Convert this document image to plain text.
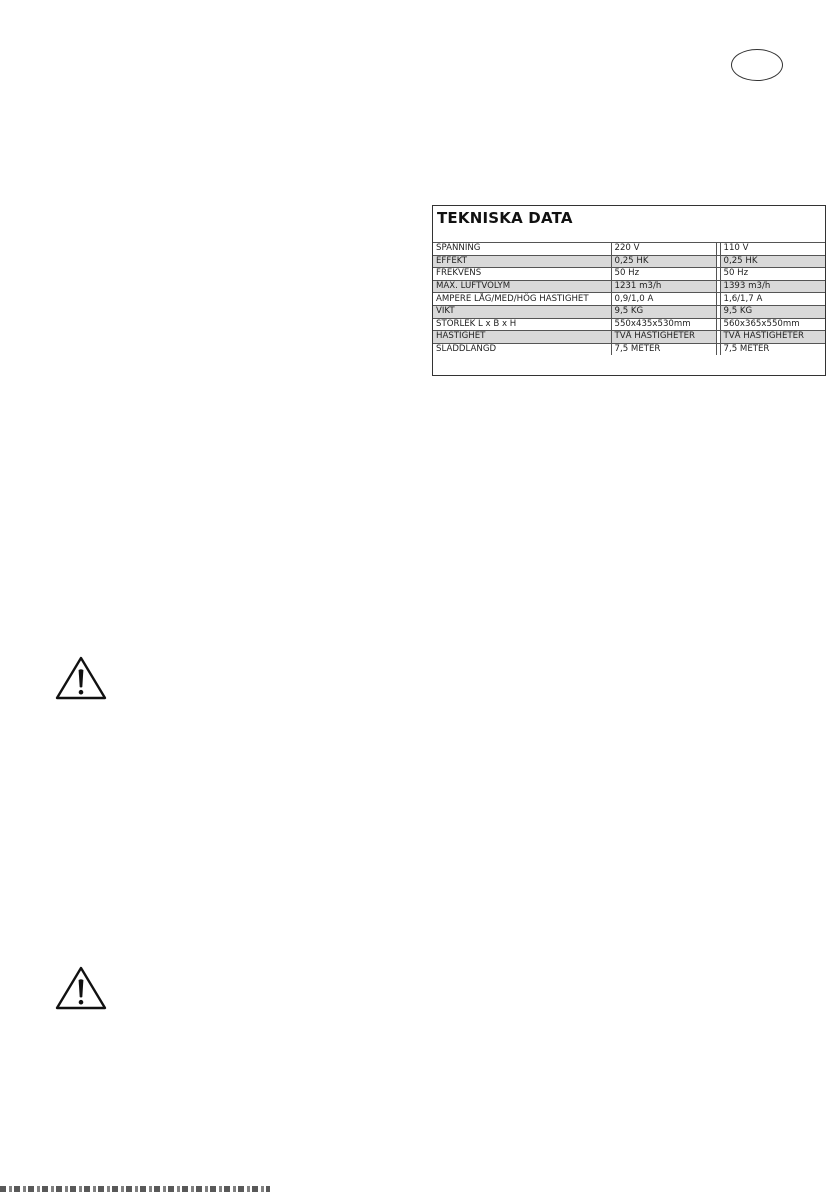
TEKNISKA DATA
SPÄNNING	220 V		110 V
EFFEKT	0,25 HK		0,25 HK
FREKVENS	50 Hz		50 Hz
MAX. LUFTVOLYM	1231 m3/h		1393 m3/h
AMPERE LÅG/MED/HÖG HASTIGHET	0,9/1,0 A		1,6/1,7 A
VIKT	9,5 KG		9,5 KG
STORLEK L x B x H	550x435x530mm		560x365x550mm
HASTIGHET	TVÅ HASTIGHETER		TVÅ HASTIGHETER
SLADDLÄNGD	7,5 METER		7,5 METER
